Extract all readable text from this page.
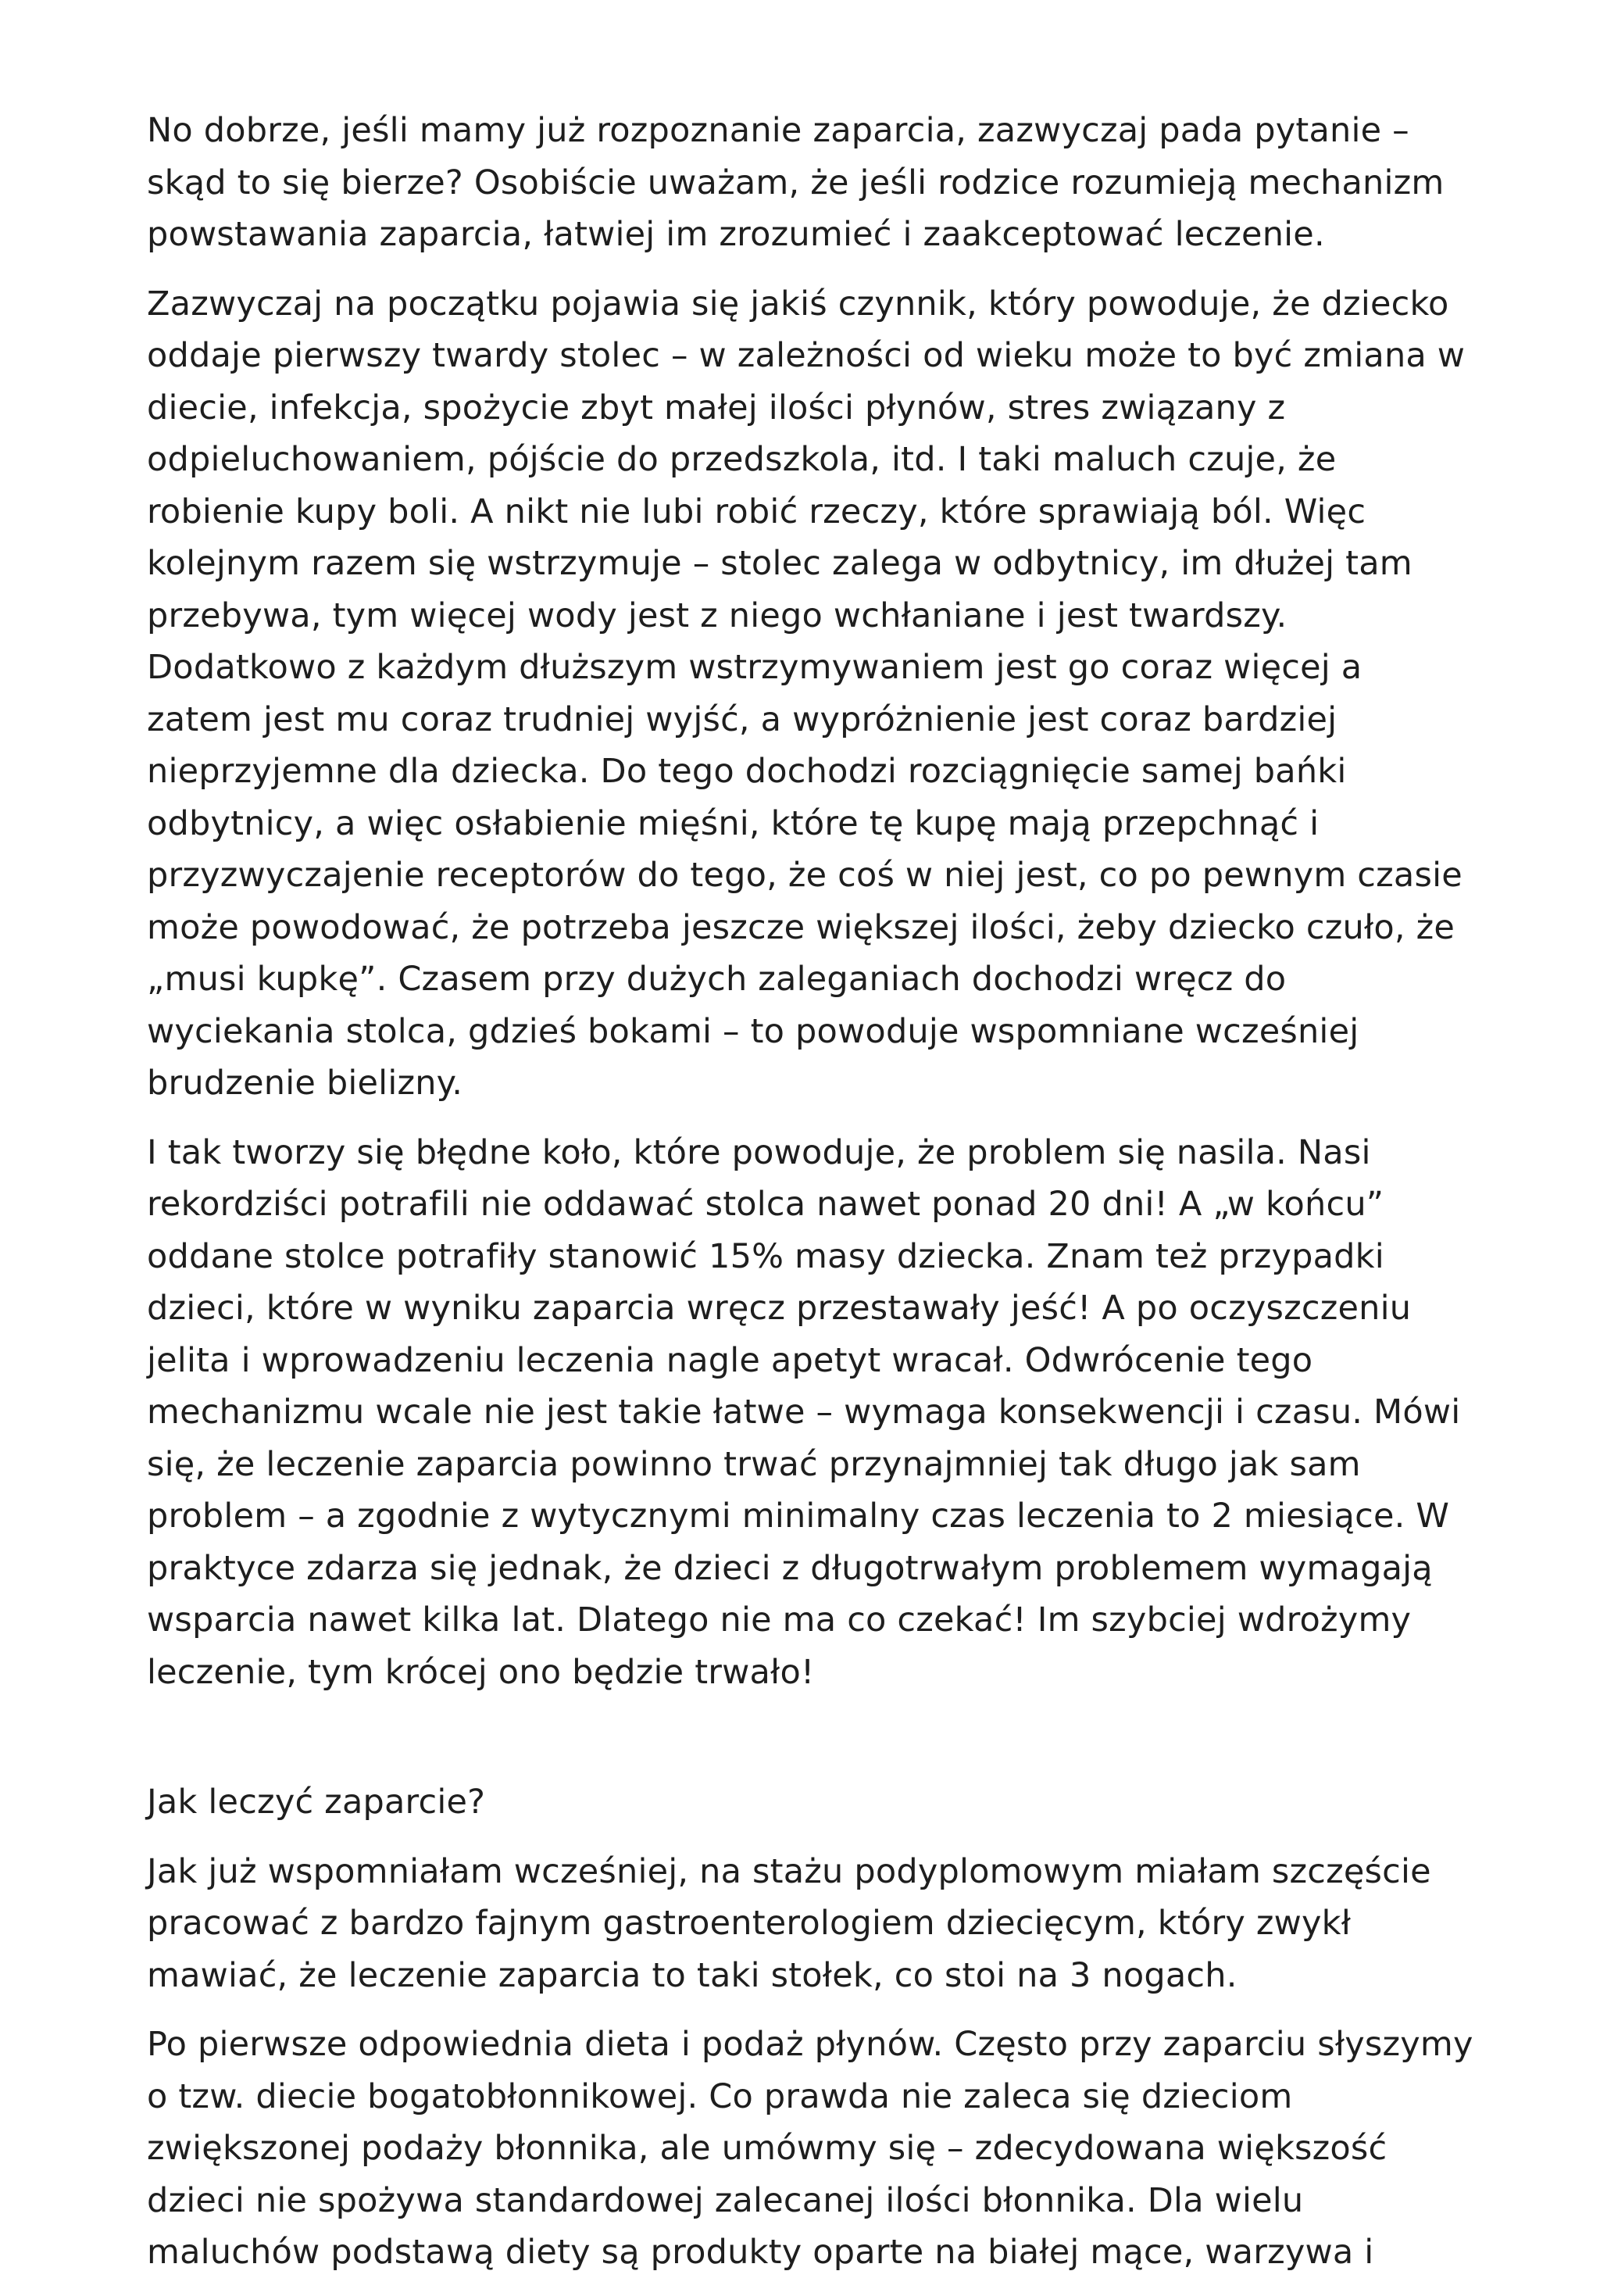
No dobrze, jeśli mamy już rozpoznanie zaparcia, zazwyczaj pada pytanie – skąd to się bierze? Osobiście uważam, że jeśli rodzice rozumieją mechanizm powstawania zaparcia, łatwiej im zrozumieć i zaakceptować leczenie.

Zazwyczaj na początku pojawia się jakiś czynnik, który powoduje, że dziecko oddaje pierwszy twardy stolec – w zależności od wieku może to być zmiana w diecie, infekcja, spożycie zbyt małej ilości płynów, stres związany z odpieluchowaniem, pójście do przedszkola, itd. I taki maluch czuje, że robienie kupy boli. A nikt nie lubi robić rzeczy, które sprawiają ból. Więc kolejnym razem się wstrzymuje – stolec zalega w odbytnicy, im dłużej tam przebywa, tym więcej wody jest z niego wchłaniane i jest twardszy. Dodatkowo z każdym dłuższym wstrzymywaniem jest go coraz więcej a zatem jest mu coraz trudniej wyjść, a wypróżnienie jest coraz bardziej nieprzyjemne dla dziecka. Do tego dochodzi rozciągnięcie samej bańki odbytnicy, a więc osłabienie mięśni, które tę kupę mają przepchnąć i przyzwyczajenie receptorów do tego, że coś w niej jest, co po pewnym czasie może powodować, że potrzeba jeszcze większej ilości, żeby dziecko czuło, że „musi kupkę”. Czasem przy dużych zaleganiach dochodzi wręcz do wyciekania stolca, gdzieś bokami – to powoduje wspomniane wcześniej brudzenie bielizny.

I tak tworzy się błędne koło, które powoduje, że problem się nasila. Nasi rekordziści potrafili nie oddawać stolca nawet ponad 20 dni! A „w końcu” oddane stolce potrafiły stanowić 15% masy dziecka. Znam też przypadki dzieci, które w wyniku zaparcia wręcz przestawały jeść! A po oczyszczeniu jelita i wprowadzeniu leczenia nagle apetyt wracał. Odwrócenie tego mechanizmu wcale nie jest takie łatwe – wymaga konsekwencji i czasu. Mówi się, że leczenie zaparcia powinno trwać przynajmniej tak długo jak sam problem – a zgodnie z wytycznymi minimalny czas leczenia to 2 miesiące. W praktyce zdarza się jednak, że dzieci z długotrwałym problemem wymagają wsparcia nawet kilka lat. Dlatego nie ma co czekać! Im szybciej wdrożymy leczenie, tym krócej ono będzie trwało!

Jak leczyć zaparcie?

Jak już wspomniałam wcześniej, na stażu podyplomowym miałam szczęście pracować z bardzo fajnym gastroenterologiem dziecięcym, który zwykł mawiać, że leczenie zaparcia to taki stołek, co stoi na 3 nogach.

Po pierwsze odpowiednia dieta i podaż płynów. Często przy zaparciu słyszymy o tzw. diecie bogatobłonnikowej. Co prawda nie zaleca się dzieciom zwiększonej podaży błonnika, ale umówmy się – zdecydowana większość dzieci nie spożywa standardowej zalecanej ilości błonnika. Dla wielu maluchów podstawą diety są produkty oparte na białej mące, warzywa i
